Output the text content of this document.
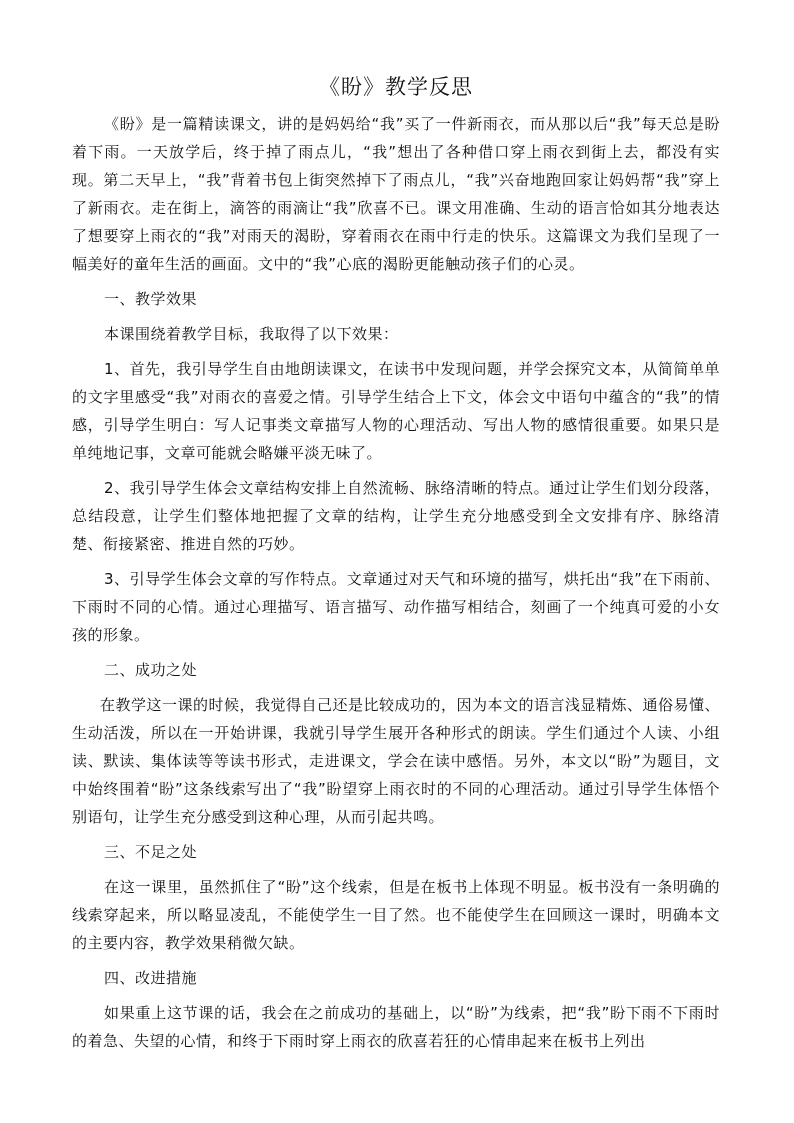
《盼》教学反思

《盼》是一篇精读课文，讲的是妈妈给“我”买了一件新雨衣，而从那以后“我”每天总是盼着下雨。一天放学后，终于掉了雨点儿，“我”想出了各种借口穿上雨衣到街上去，都没有实现。第二天早上，“我”背着书包上街突然掉下了雨点儿，“我”兴奋地跑回家让妈妈帮“我”穿上了新雨衣。走在街上，滴答的雨滴让“我”欣喜不已。课文用准确、生动的语言恰如其分地表达了想要穿上雨衣的“我”对雨天的渴盼，穿着雨衣在雨中行走的快乐。这篇课文为我们呈现了一幅美好的童年生活的画面。文中的“我”心底的渴盼更能触动孩子们的心灵。

一、教学效果

本课围绕着教学目标，我取得了以下效果：

1、首先，我引导学生自由地朗读课文，在读书中发现问题，并学会探究文本，从简简单单的文字里感受“我”对雨衣的喜爱之情。引导学生结合上下文，体会文中语句中蕴含的“我”的情感，引导学生明白：写人记事类文章描写人物的心理活动、写出人物的感情很重要。如果只是单纯地记事，文章可能就会略嫌平淡无味了。

2、我引导学生体会文章结构安排上自然流畅、脉络清晰的特点。通过让学生们划分段落，总结段意，让学生们整体地把握了文章的结构，让学生充分地感受到全文安排有序、脉络清楚、衔接紧密、推进自然的巧妙。

3、引导学生体会文章的写作特点。文章通过对天气和环境的描写，烘托出“我”在下雨前、下雨时不同的心情。通过心理描写、语言描写、动作描写相结合，刻画了一个纯真可爱的小女孩的形象。

二、成功之处

在教学这一课的时候，我觉得自己还是比较成功的，因为本文的语言浅显精炼、通俗易懂、生动活泼，所以在一开始讲课，我就引导学生展开各种形式的朗读。学生们通过个人读、小组读、默读、集体读等等读书形式，走进课文，学会在读中感悟。另外，本文以“盼”为题目，文中始终围着“盼”这条线索写出了“我”盼望穿上雨衣时的不同的心理活动。通过引导学生体悟个别语句，让学生充分感受到这种心理，从而引起共鸣。

三、不足之处

在这一课里，虽然抓住了“盼”这个线索，但是在板书上体现不明显。板书没有一条明确的线索穿起来，所以略显凌乱，不能使学生一目了然。也不能使学生在回顾这一课时，明确本文的主要内容，教学效果稍微欠缺。

四、改进措施

如果重上这节课的话，我会在之前成功的基础上，以“盼”为线索，把“我”盼下雨不下雨时的着急、失望的心情，和终于下雨时穿上雨衣的欣喜若狂的心情串起来在板书上列出
